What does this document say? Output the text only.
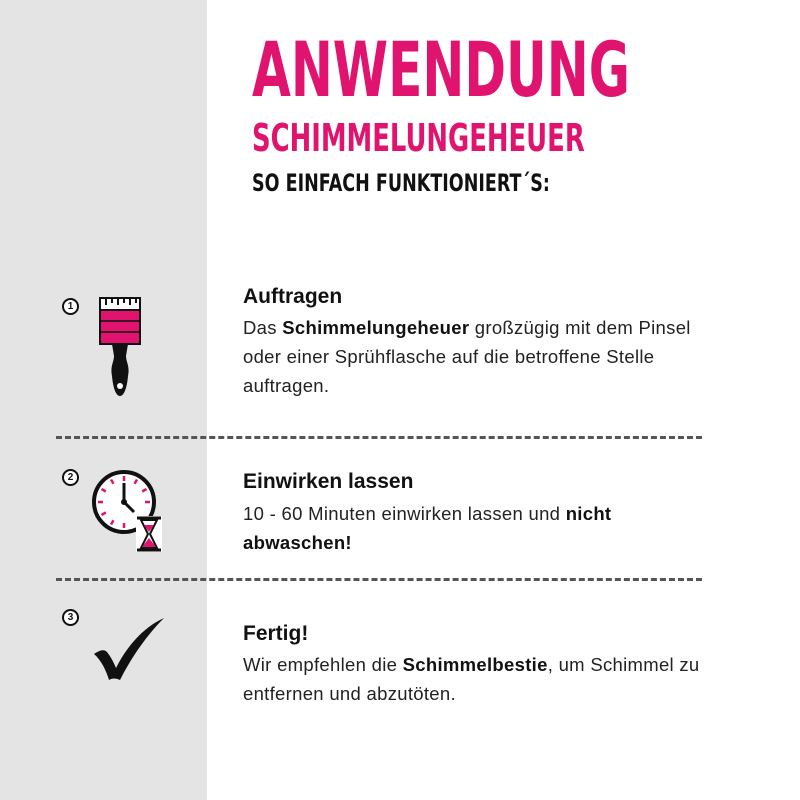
ANWENDUNG
SCHIMMELUNGEHEUER
SO EINFACH FUNKTIONIERT´S:
1	Auftragen
Das Schimmelungeheuer großzügig mit dem Pinsel oder einer Sprühflasche auf die betroffene Stelle auftragen.
2	Einwirken lassen
10 - 60 Minuten einwirken lassen und nicht abwaschen!
3
Fertig!
Wir empfehlen die Schimmelbestie, um Schimmel zu entfernen und abzutöten.
